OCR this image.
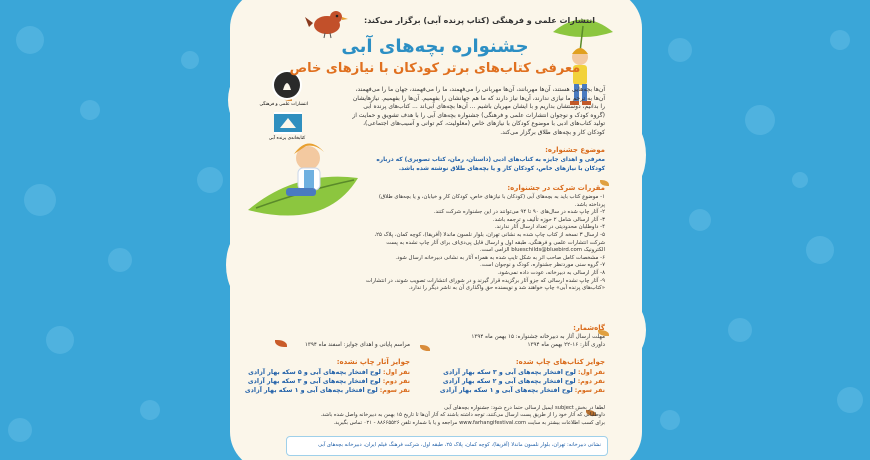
انتشارات علمی و فرهنگی
کتابخانه‌ی پرنده آبی
انتشارات علمی و فرهنگی (کتاب پرنده آبی) برگزار می‌کند:
جشنواره بچه‌های آبی
معرفی کتاب‌های برتر کودکان با نیازهای خاص
آن‌ها بچه‌هایی هستند، آن‌ها مهربانند، آن‌ها مهربانی را می‌فهمند، ما را می‌فهمند، جهان ما را می‌فهمند، آن‌ها به ترحم ما نیازی ندارند، آن‌ها نیاز دارند که ما هم جهانشان را بفهمیم. آن‌ها را بفهمیم. نیازهایشان را بدانیم، دوستشان بداریم و با ایشان مهربان باشیم ... آن‌ها بچه‌های آبی‌اند ... کتاب‌های پرنده آبی (گروه کودک و نوجوان انتشارات علمی و فرهنگی) جشنواره بچه‌های آبی را با هدف تشویق و حمایت از تولید کتاب‌های ادبی با موضوع کودکان با نیازهای خاص (معلولیت، کم توانی و آسیب‌های اجتماعی)، کودکان کار و بچه‌های طلاق برگزار می‌کند.
موضوع جشنواره:
معرفی و اهدای جایزه به کتاب‌های ادبی (داستان، رمان، کتاب تصویری) که درباره کودکان با نیازهای خاص، کودکان کار و یا بچه‌های طلاق نوشته شده باشد.
مقررات شرکت در جشنواره:
۱- موضوع کتاب باید به بچه‌های آبی (کودکان با نیازهای خاص، کودکان کار و خیابان، و یا بچه‌های طلاق) پرداخته باشد.
۲- آثار چاپ شده در سال‌های ۹۰ تا ۹۴ می‌توانند در این جشنواره شرکت کنند.
۳- آثار ارسالی شامل ۲ حوزه تألیف و ترجمه باشد.
۴- داوطلبان محدودیتی در تعداد ارسال آثار ندارند.
۵- ارسال ۳ نسخه از کتاب چاپ شده به نشانی تهران، بلوار نلسون ماندلا (آفریقا)، کوچه کمان، پلاک ۲۵، شرکت انتشارات علمی و فرهنگی، طبقه اول و ارسال فایل پی‌دی‌اف برای آثار چاپ نشده به پست الکترونیک blueschilds@bluebird.com الزامی است.
۶- مشخصات کامل صاحب اثر به شکل تایپ شده به همراه آثار به نشانی دبیرخانه ارسال شود.
۷- گروه سنی موردنظر جشنواره، کودک و نوجوان است.
۸- آثار ارسالی به دبیرخانه، عودت داده نمی‌شود.
۹- آثار چاپ نشده ارسالی که جزو آثار برگزیده قرار گیرند و در شورای انتشارات تصویب شوند، در انتشارات «کتاب‌های پرنده آبی» چاپ خواهند شد و نویسنده حق واگذاری آن به ناشر دیگر را ندارد.
گاه‌شمار:
مهلت ارسال آثار به دبیرخانه جشنواره: ۱۵ بهمن ماه ۱۳۹۴
داوری آثار: ۱۶-۲۲ بهمن ماه ۱۳۹۴
مراسم پایانی و اهدای جوایز: اسفند ماه ۱۳۹۴
جوایز کتاب‌های چاپ شده:
نفر اول: لوح افتخار بچه‌های آبی و ۳ سکه بهار آزادی
نفر دوم: لوح افتخار بچه‌های آبی و ۲ سکه بهار آزادی
نفر سوم: لوح افتخار بچه‌های آبی و ۱ سکه بهار آزادی
جوایز آثار چاپ نشده:
نفر اول: لوح افتخار بچه‌های آبی و ۵ سکه بهار آزادی
نفر دوم: لوح افتخار بچه‌های آبی و ۳ سکه بهار آزادی
نفر سوم: لوح افتخار بچه‌های آبی و ۱ سکه بهار آزادی
لطفا در بخش subject ایمیل ارسالی حتما درج شود: جشنواره بچه‌های آبی
داوطلبانی که آثار خود را از طریق پست ارسال می‌کنند، توجه داشته باشند که آثار آن‌ها تا تاریخ ۱۵ بهمن به دبیرخانه واصل شده باشد.
برای کسب اطلاعات بیشتر به سایت www.farhangifestival.com مراجعه و یا با شماره تلفن ۸۸۶۶۵۵۲۶ - ۰۲۱ تماس بگیرید.
نشانی دبیرخانه: تهران، بلوار نلسون ماندلا (آفریقا)، کوچه کمان، پلاک ۲۵، طبقه اول، شرکت فرهنگ فیلم ایران، دبیرخانه بچه‌های آبی
